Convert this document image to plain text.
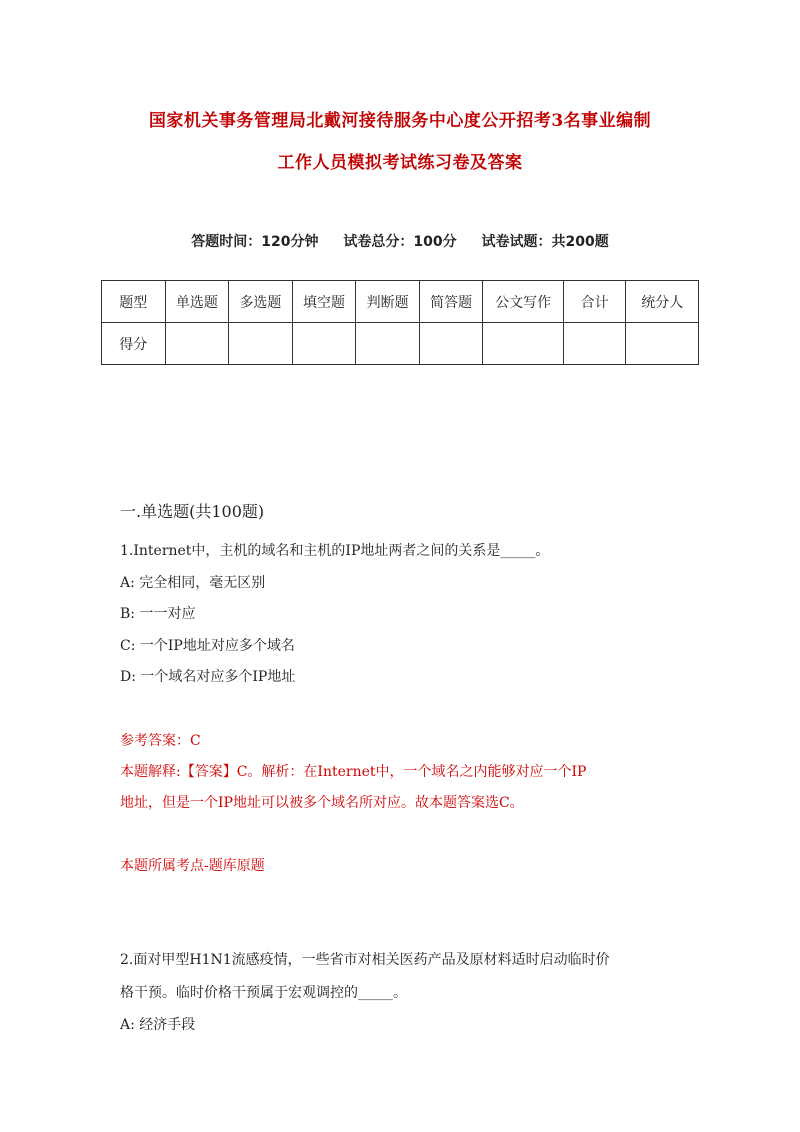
国家机关事务管理局北戴河接待服务中心度公开招考3名事业编制
工作人员模拟考试练习卷及答案
答题时间：120分钟 试卷总分：100分 试卷试题：共200题
题型	单选题	多选题	填空题	判断题	简答题	公文写作	合计	统分人
得分								
一.单选题(共100题)
1.Internet中，主机的域名和主机的IP地址两者之间的关系是_____。
A: 完全相同，毫无区别
B: 一一对应
C: 一个IP地址对应多个域名
D: 一个域名对应多个IP地址
参考答案：C
本题解释:【答案】C。解析：在Internet中，一个域名之内能够对应一个IP
地址，但是一个IP地址可以被多个域名所对应。故本题答案选C。
本题所属考点-题库原题
2.面对甲型H1N1流感疫情，一些省市对相关医药产品及原材料适时启动临时价
格干预。临时价格干预属于宏观调控的_____。
A: 经济手段
